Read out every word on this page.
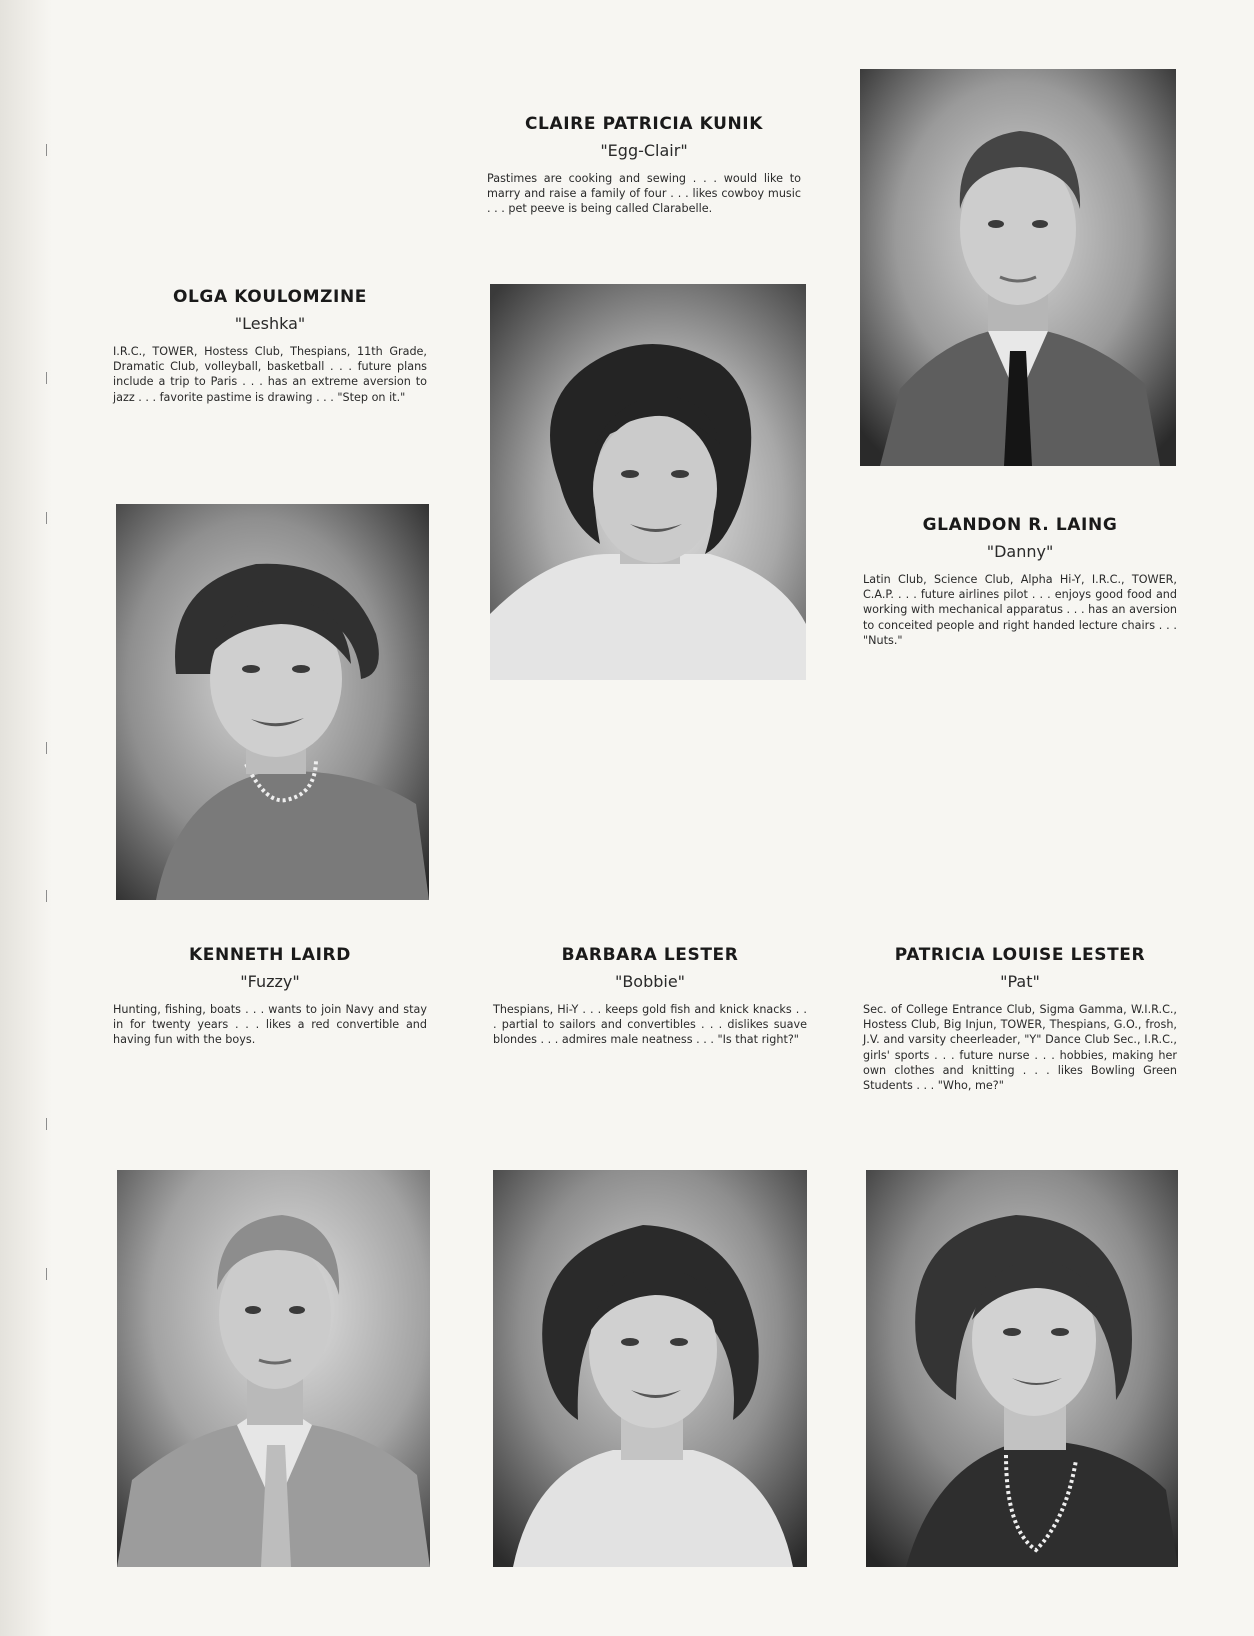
CLAIRE PATRICIA KUNIK

"Egg-Clair"

Pastimes are cooking and sewing . . . would like to marry and raise a family of four . . . likes cowboy music . . . pet peeve is being called Clarabelle.

OLGA KOULOMZINE

"Leshka"

I.R.C., TOWER, Hostess Club, Thespians, 11th Grade, Dramatic Club, volleyball, basketball . . . future plans include a trip to Paris . . . has an extreme aversion to jazz . . . favorite pastime is drawing . . . "Step on it."

GLANDON R. LAING

"Danny"

Latin Club, Science Club, Alpha Hi-Y, I.R.C., TOWER, C.A.P. . . . future airlines pilot . . . enjoys good food and working with mechanical apparatus . . . has an aversion to conceited people and right handed lecture chairs . . . "Nuts."

KENNETH LAIRD

"Fuzzy"

Hunting, fishing, boats . . . wants to join Navy and stay in for twenty years . . . likes a red convertible and having fun with the boys.

BARBARA LESTER

"Bobbie"

Thespians, Hi-Y . . . keeps gold fish and knick knacks . . . partial to sailors and convertibles . . . dislikes suave blondes . . . admires male neatness . . . "Is that right?"

PATRICIA LOUISE LESTER

"Pat"

Sec. of College Entrance Club, Sigma Gamma, W.I.R.C., Hostess Club, Big Injun, TOWER, Thespians, G.O., frosh, J.V. and varsity cheerleader, "Y" Dance Club Sec., I.R.C., girls' sports . . . future nurse . . . hobbies, making her own clothes and knitting . . . likes Bowling Green Students . . . "Who, me?"
